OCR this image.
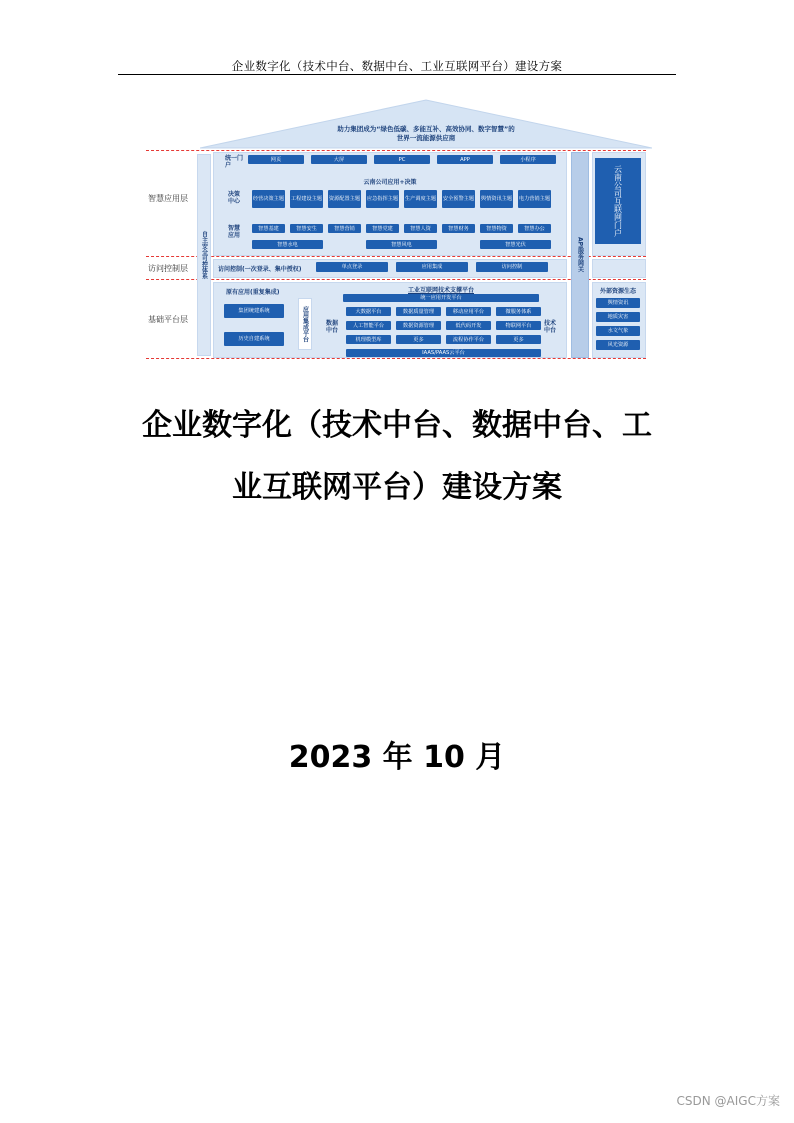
企业数字化（技术中台、数据中台、工业互联网平台）建设方案
助力集团成为“绿色低碳、多能互补、高效协同、数字智慧”的
世界一流能源供应商
智慧应用层
访问控制层
基础平台层
自主安全可控体系
统一门户
网页	大屏	PC	APP	小程序
云南公司应用+决策
决策中心	经营决策主题 工程建设主题 资源配置主题 应急指挥主题 生产调度主题 安全预警主题 舆情资讯主题 电力营销主题
智慧应用
智慧基建	智慧安生	智慧营销	智慧党建	智慧人资	智慧财务	智慧物资	智慧办公
智慧水电	智慧风电	智慧光伏
访问控制(一次登录、集中授权)	单点登录	应用集成	访问控制
原有应用(重复集成)
集团统建系统
历史自建系统	应用集成平台
工业互联网技术支撑平台
统一应用开发平台
数据中台
技术中台
大数据平台	数据质量管理	移动应用平台	微服务体系
人工智能平台	数据资源管理	低代码开发	物联网平台
机理模型库	更多	流程协作平台	更多
IAAS/PAAS云平台
API服务网关
云南公司互联网门户
外部资源生态
舆情资讯
地质灾害
水文气象
风光资源
企业数字化（技术中台、数据中台、工
业互联网平台）建设方案
2023 年 10 月
CSDN @AIGC方案
